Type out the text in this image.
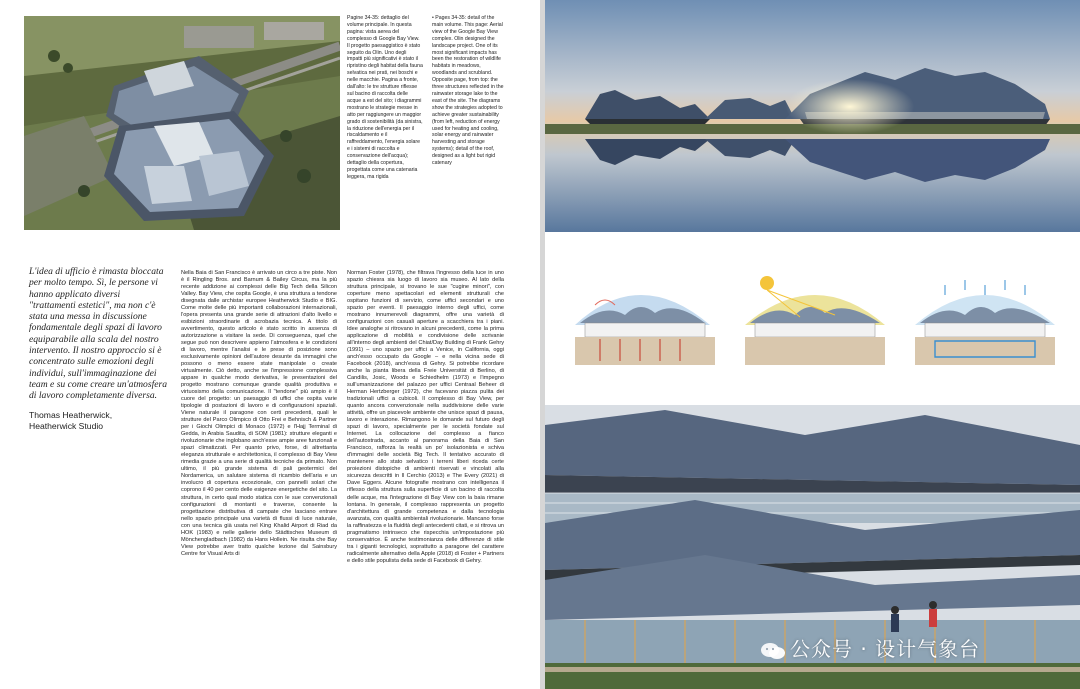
Pagine 34-35: dettaglio del volume principale. In questa pagina: vista aerea del complesso di Google Bay View. Il progetto paesaggistico è stato seguito da Olin. Uno degli impatti più significativi è stato il ripristino degli habitat della fauna selvatica nei prati, nei boschi e nelle macchie. Pagina a fronte, dall'alto: le tre strutture riflesse sul bacino di raccolta delle acque a est del sito; i diagrammi mostrano le strategie messe in atto per raggiungere un maggior grado di sostenibilità (da sinistra, la riduzione dell'energia per il riscaldamento e il raffreddamento, l'energia solare e i sistemi di raccolta e conservazione dell'acqua); dettaglio della copertura, progettata come una catenaria leggera, ma rigida
• Pages 34-35: detail of the main volume. This page: Aerial view of the Google Bay View complex. Olin designed the landscape project. One of its most significant impacts has been the restoration of wildlife habitats in meadows, woodlands and scrubland. Opposite page, from top: the three structures reflected in the rainwater storage lake to the east of the site. The diagrams show the strategies adopted to achieve greater sustainability (from left, reduction of energy used for heating and cooling, solar energy and rainwater harvesting and storage systems); detail of the roof, designed as a light but rigid catenary
L'idea di ufficio è rimasta bloccata per molto tempo. Sì, le persone vi hanno applicato diversi "trattamenti estetici", ma non c'è stata una messa in discussione fondamentale degli spazi di lavoro equiparabile alla scala del nostro intervento. Il nostro approccio si è concentrato sulle emozioni degli individui, sull'immaginazione dei team e su come creare un'atmosfera di lavoro completamente diversa.
Thomas Heatherwick,
Heatherwick Studio
Nella Baia di San Francisco è arrivato un circo a tre piste. Non è il Ringling Bros. and Barnum & Bailey Circus, ma la più recente addizione ai complessi delle Big Tech della Silicon Valley. Bay View, che ospita Google, è una struttura a tendone disegnata dalle archistar europee Heatherwick Studio e BIG. Come molte delle più importanti collaborazioni internazionali, l'opera presenta una grande serie di attrazioni d'alto livello e esibizioni straordinarie di acrobazia tecnica. A titolo di avvertimento, questo articolo è stato scritto in assenza di autorizzazione a visitare la sede. Di conseguenza, quel che segue può non descrivere appieno l'atmosfera e le condizioni di lavoro, mentre l'analisi e le prese di posizione sono esclusivamente opinioni dell'autore desunte da immagini che possono o meno essere state manipolate o create virtualmente. Ciò detto, anche se l'impressione complessiva appare in qualche modo derivativa, le presentazioni del progetto mostrano comunque grande qualità produttiva e virtuosismo della comunicazione. Il "tendone" più ampio è il cuore del progetto: un paesaggio di uffici che ospita varie tipologie di postazioni di lavoro e di configurazioni spaziali. Viene naturale il paragone con certi precedenti, quali le strutture del Parco Olimpico di Otto Frei e Behnisch & Partner per i Giochi Olimpici di Monaco (1972) e l'Hajj Terminal di Gedda, in Arabia Saudita, di SOM (1981): strutture eleganti e rivoluzionarie che inglobano anch'esse ampie aree funzionali e spazi climatizzati. Per quanto privo, forse, di altrettanta eleganza strutturale e architettonica, il complesso di Bay View rimedia grazie a una serie di qualità tecniche da primato. Non ultimo, il più grande sistema di pali geotermici del Nordamerica, un salutare sistema di ricambio dell'aria e un involucro di copertura eccezionale, con pannelli solari che coprono il 40 per cento delle esigenze energetiche del sito. La struttura, in certo qual modo statica con le sue convenzionali configurazioni di montanti e traverse, consente la progettazione distributiva di campate che lasciano entrare nello spazio principale una varietà di flussi di luce naturale, con una tecnica già usata nel King Khalid Airport di Riad da HOK (1983) e nelle gallerie dello Städtisches Museum di Mönchengladbach (1982) da Hans Hollein. Ne risulta che Bay View potrebbe aver tratto qualche lezione dal Sainsbury Centre for Visual Arts di
Norman Foster (1978), che filtrava l'ingresso della luce in uno spazio chiesra sia luogo di lavoro sia museo. Al lato della struttura principale, si trovano le sue "cugine minori", con coperture meno spettacolari ed elementi strutturali che ospitano funzioni di servizio, come uffici secondari e uno spazio per eventi. Il paesaggio interno degli uffici, come mostrano innumerevoli diagrammi, offre una varietà di configurazioni con casuali aperture a scacchiera tra i piani. Idee analoghe si ritrovano in alcuni precedenti, come la prima applicazione di mobilità e condivisione delle scrivanie all'interno degli ambienti del Chiat/Day Building di Frank Gehry (1991) – uno spazio per uffici a Venice, in California, oggi anch'esso occupato da Google – e nella vicina sede di Facebook (2018), anch'essa di Gehry. Si potrebbe ricordare anche la pianta libera della Freie Universität di Berlino, di Candilis, Josic, Woods e Schiedhelm (1973) e l'impegno sull'umanizzazione del palazzo per uffici Centraal Beheer di Herman Hertzberger (1972), che facevano piazza pulita dei tradizionali uffici a cubicoli. Il complesso di Bay View, per quanto ancora convenzionale nella suddivisione delle varie attività, offre un piacevole ambiente che unisce spazi di pausa, lavoro e interazione. Rimangono le domande sul futuro degli spazi di lavoro, specialmente per le società fondate sul Internet. La collocazione del complesso a fianco dell'autostrada, accanto al panorama della Baia di San Francisco, rafforza la realtà un po' isolazionista e schiva d'immagini delle società Big Tech. Il tentativo accurato di mantenere allo stato selvatico i terreni liberi riceda certe proiezioni distopiche di ambienti riservati e vincolati alla sicurezza descritti in Il Cerchio (2013) e The Every (2021) di Dave Eggers. Alcune fotografie mostrano con intelligenza il riflesso della struttura sulla superficie di un bacino di raccolta delle acque, ma l'integrazione di Bay View con la baia rimane lontana. In generale, il complesso rappresenta un progetto d'architettura di grande competenza e dalla tecnologia avanzata, con qualità ambientali rivoluzionarie. Mancano forse la raffinatezza e la fluidità degli antecedenti citati, e si ritrova un pragmatismo intrinseco che rispecchia un'impostazione più conservatrice. È anche testimonianza delle differenze di stile tra i giganti tecnologici, soprattutto a paragone del carattere radicalmente alternativo della Apple (2018) di Foster + Partners e dello stile populista della sede di Facebook di Gehry.
公众号 · 设计气象台
